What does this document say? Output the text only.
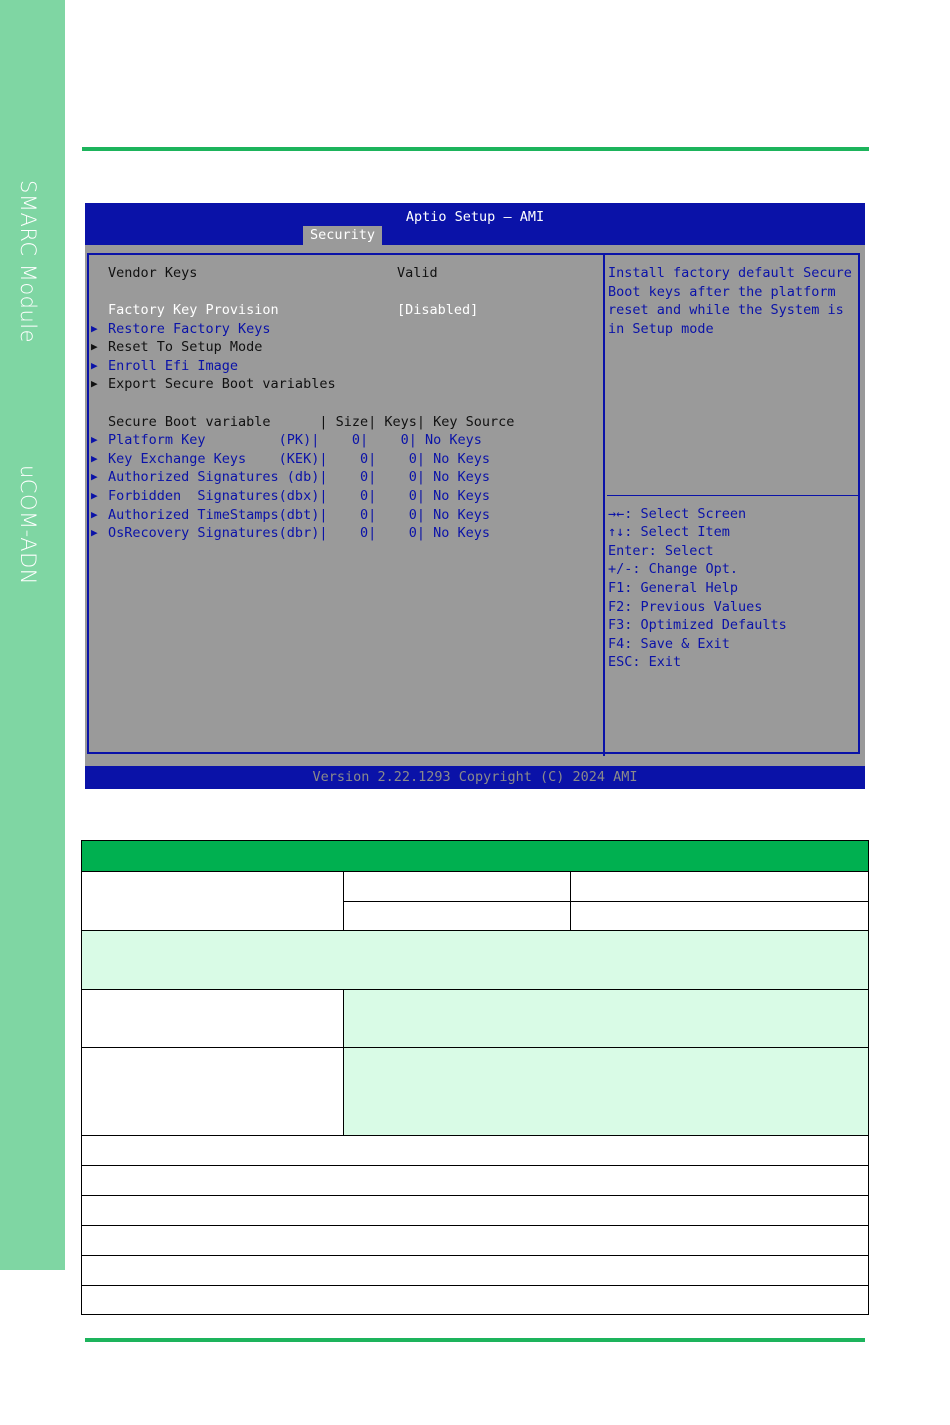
SMARC Module
uCOM-ADN
Aptio Setup – AMI
Security
Vendor Keys	Valid
Factory Key Provision	[Disabled]
▶ Restore Factory Keys
▶ Reset To Setup Mode
▶ Enroll Efi Image
▶ Export Secure Boot variables
Secure Boot variable      | Size| Keys| Key Source
▶ Platform Key         (PK)|    0|    0| No Keys
▶ Key Exchange Keys    (KEK)|    0|    0| No Keys
▶ Authorized Signatures (db)|    0|    0| No Keys
▶ Forbidden  Signatures(dbx)|    0|    0| No Keys
▶ Authorized TimeStamps(dbt)|    0|    0| No Keys
▶ OsRecovery Signatures(dbr)|    0|    0| No Keys
Install factory default Secure
Boot keys after the platform
reset and while the System is
in Setup mode
→←: Select Screen
↑↓: Select Item
Enter: Select
+/-: Change Opt.
F1: General Help
F2: Previous Values
F3: Optimized Defaults
F4: Save & Exit
ESC: Exit
Version 2.22.1293 Copyright (C) 2024 AMI
